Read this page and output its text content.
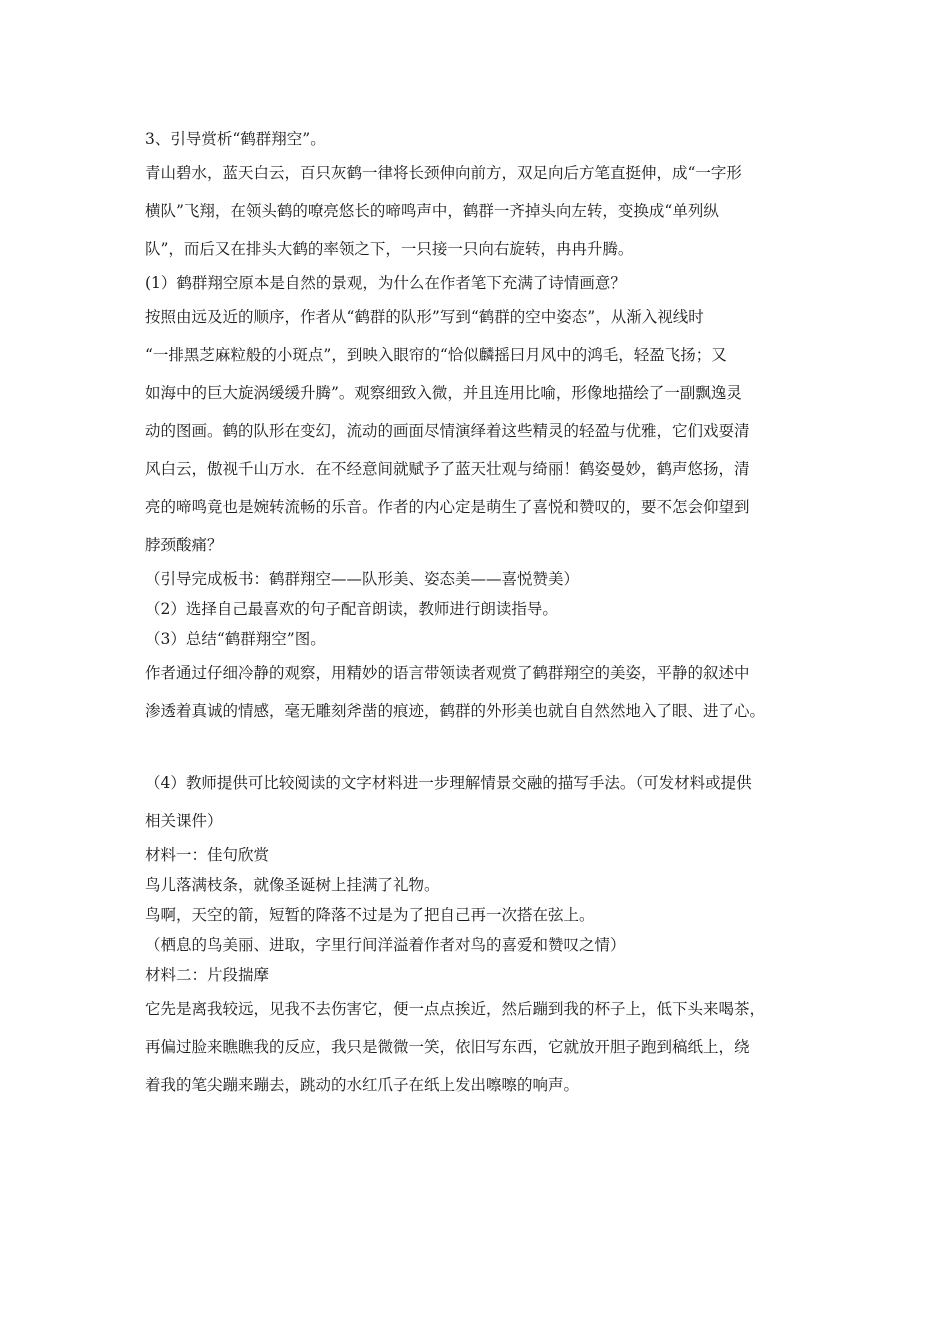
3、引导赏析“鹤群翔空”。

青山碧水，蓝天白云，百只灰鹤一律将长颈伸向前方，双足向后方笔直挺伸，成“一字形

横队”飞翔，在领头鹤的嘹亮悠长的啼鸣声中，鹤群一齐掉头向左转，变换成“单列纵

队”，而后又在排头大鹤的率领之下，一只接一只向右旋转，冉冉升腾。

(1）鹤群翔空原本是自然的景观，为什么在作者笔下充满了诗情画意？

按照由远及近的顺序，作者从“鹤群的队形”写到“鹤群的空中姿态”，从渐入视线时

“一排黑芝麻粒般的小斑点”，到映入眼帘的“恰似麟摇曰月风中的鸿毛，轻盈飞扬；又

如海中的巨大旋涡缓缓升腾”。观察细致入微，并且连用比喻，形像地描绘了一副飘逸灵

动的图画。鹤的队形在变幻，流动的画面尽情演绎着这些精灵的轻盈与优雅，它们戏耍清

风白云，傲视千山万水．在不经意间就赋予了蓝天壮观与绮丽！鹤姿曼妙，鹤声悠扬，清

亮的啼鸣竟也是婉转流畅的乐音。作者的内心定是萌生了喜悦和赞叹的，要不怎会仰望到

脖颈酸痛？

（引导完成板书：鹤群翔空——队形美、姿态美——喜悦赞美）

（2）选择自己最喜欢的句子配音朗读，教师进行朗读指导。

（3）总结“鹤群翔空”图。

作者通过仔细冷静的观察，用精妙的语言带领读者观赏了鹤群翔空的美姿，平静的叙述中

渗透着真诚的情感，毫无雕刻斧凿的痕迹，鹤群的外形美也就自自然然地入了眼、进了心。

（4）教师提供可比较阅读的文字材料进一步理解情景交融的描写手法。（可发材料或提供

相关课件）

材料一：佳句欣赏

鸟儿落满枝条，就像圣诞树上挂满了礼物。

鸟啊，天空的箭，短暂的降落不过是为了把自己再一次搭在弦上。

（栖息的鸟美丽、进取，字里行间洋溢着作者对鸟的喜爱和赞叹之情）

材料二：片段揣摩

它先是离我较远，见我不去伤害它，便一点点挨近，然后蹦到我的杯子上，低下头来喝茶，

再偏过脸来瞧瞧我的反应，我只是微微一笑，依旧写东西，它就放开胆子跑到稿纸上，绕

着我的笔尖蹦来蹦去，跳动的水红爪子在纸上发出嚓嚓的响声。
